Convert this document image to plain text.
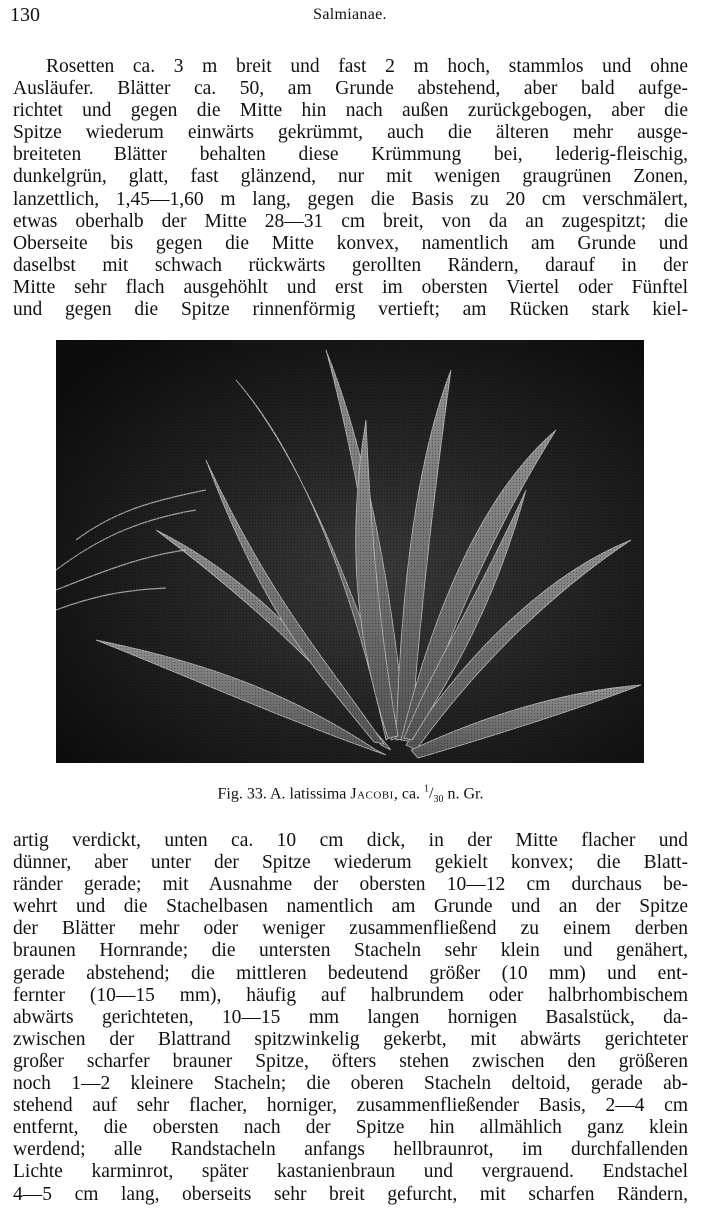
130	Salmianae.
Rosetten ca. 3 m breit und fast 2 m hoch, stammlos und ohne
Ausläufer. Blätter ca. 50, am Grunde abstehend, aber bald aufge-
richtet und gegen die Mitte hin nach außen zurückgebogen, aber die
Spitze wiederum einwärts gekrümmt, auch die älteren mehr ausge-
breiteten Blätter behalten diese Krümmung bei, lederig-fleischig,
dunkelgrün, glatt, fast glänzend, nur mit wenigen graugrünen Zonen,
lanzettlich, 1,45—1,60 m lang, gegen die Basis zu 20 cm verschmälert,
etwas oberhalb der Mitte 28—31 cm breit, von da an zugespitzt; die
Oberseite bis gegen die Mitte konvex, namentlich am Grunde und
daselbst mit schwach rückwärts gerollten Rändern, darauf in der
Mitte sehr flach ausgehöhlt und erst im obersten Viertel oder Fünftel
und gegen die Spitze rinnenförmig vertieft; am Rücken stark kiel-
Fig. 33. A. latissima Jacobi, ca. $^1/_{30}$ n. Gr.
artig verdickt, unten ca. 10 cm dick, in der Mitte flacher und
dünner, aber unter der Spitze wiederum gekielt konvex; die Blatt-
ränder gerade; mit Ausnahme der obersten 10—12 cm durchaus be-
wehrt und die Stachelbasen namentlich am Grunde und an der Spitze
der Blätter mehr oder weniger zusammenfließend zu einem derben
braunen Hornrande; die untersten Stacheln sehr klein und genähert,
gerade abstehend; die mittleren bedeutend größer (10 mm) und ent-
fernter (10—15 mm), häufig auf halbrundem oder halbrhombischem
abwärts gerichteten, 10—15 mm langen hornigen Basalstück, da-
zwischen der Blattrand spitzwinkelig gekerbt, mit abwärts gerichteter
großer scharfer brauner Spitze, öfters stehen zwischen den größeren
noch 1—2 kleinere Stacheln; die oberen Stacheln deltoid, gerade ab-
stehend auf sehr flacher, horniger, zusammenfließender Basis, 2—4 cm
entfernt, die obersten nach der Spitze hin allmählich ganz klein
werdend; alle Randstacheln anfangs hellbraunrot, im durchfallenden
Lichte karminrot, später kastanienbraun und vergrauend. Endstachel
4—5 cm lang, oberseits sehr breit gefurcht, mit scharfen Rändern,
